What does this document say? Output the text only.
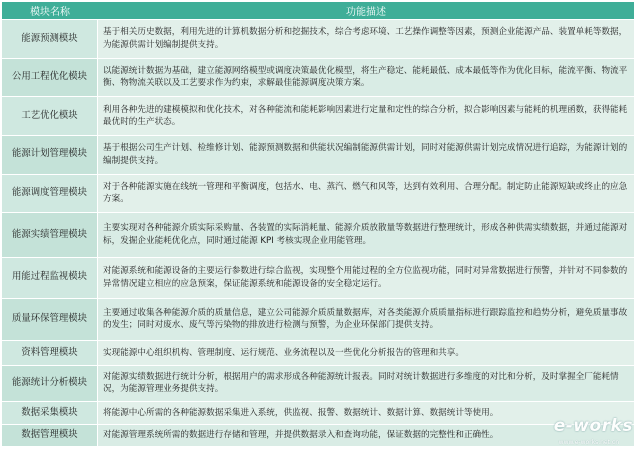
模块名称	功能描述
能源预测模块	基于相关历史数据，利用先进的计算机数据分析和挖掘技术，综合考虑环境、工艺操作调整等因素，预测企业能源产品、装置单耗等数据，为能源供需计划编制提供支持。
公用工程优化模块	以能源统计数据为基础，建立能源网络模型或调度决策最优化模型，将生产稳定、能耗最低、成本最低等作为优化目标，能流平衡、物流平衡、物物流关联以及工艺要求作为约束，求解最佳能源调度决策方案。
工艺优化模块	利用各种先进的建模模拟和优化技术，对各种能流和能耗影响因素进行定量和定性的综合分析，拟合影响因素与能耗的机理函数，获得能耗最优时的生产状态。
能源计划管理模块	基于根据公司生产计划、检维修计划、能源预测数据和供能状况编制能源供需计划，同时对能源供需计划完成情况进行追踪，为能源计划的编制提供支持。
能源调度管理模块	对于各种能源实施在线统一管理和平衡调度，包括水、电、蒸汽、燃气和风等，达到有效利用、合理分配。制定防止能源短缺或终止的应急方案。
能源实绩管理模块	主要实现对各种能源介质实际采购量、各装置的实际消耗量、能源介质放散量等数据进行整理统计，形成各种供需实绩数据，并通过能源对标，发掘企业能耗优化点，同时通过能源 KPI 考核实现企业用能管理。
用能过程监视模块	对能源系统和能源设备的主要运行参数进行综合监视，实现整个用能过程的全方位监视功能，同时对异常数据进行预警，并针对不同参数的异常情况建立相应的应急预案，保证能源系统和能源设备的安全稳定运行。
质量环保管理模块	主要通过收集各种能源介质的质量信息，建立公司能源介质质量数据库，对各类能源介质质量指标进行跟踪监控和趋势分析，避免质量事故的发生；同时对废水、废气等污染物的排放进行检测与预警，为企业环保部门提供支持。
资料管理模块	实现能源中心组织机构、管理制度、运行规范、业务流程以及一些优化分析报告的管理和共享。
能源统计分析模块	对能源实绩数据进行统计分析，根据用户的需求形成各种能源统计报表。同时对统计数据进行多维度的对比和分析，及时掌握全厂能耗情况，为能源管理业务提供支持。
数据采集模块	将能源中心所需的各种能源数据采集进入系统，供监视、报警、数据统计、数据计算、数据统计等使用。
数据管理模块	对能源管理系统所需的数据进行存储和管理，并提供数据录入和查询功能，保证数据的完整性和正确性。	e-works
www.e-works.net.cn
